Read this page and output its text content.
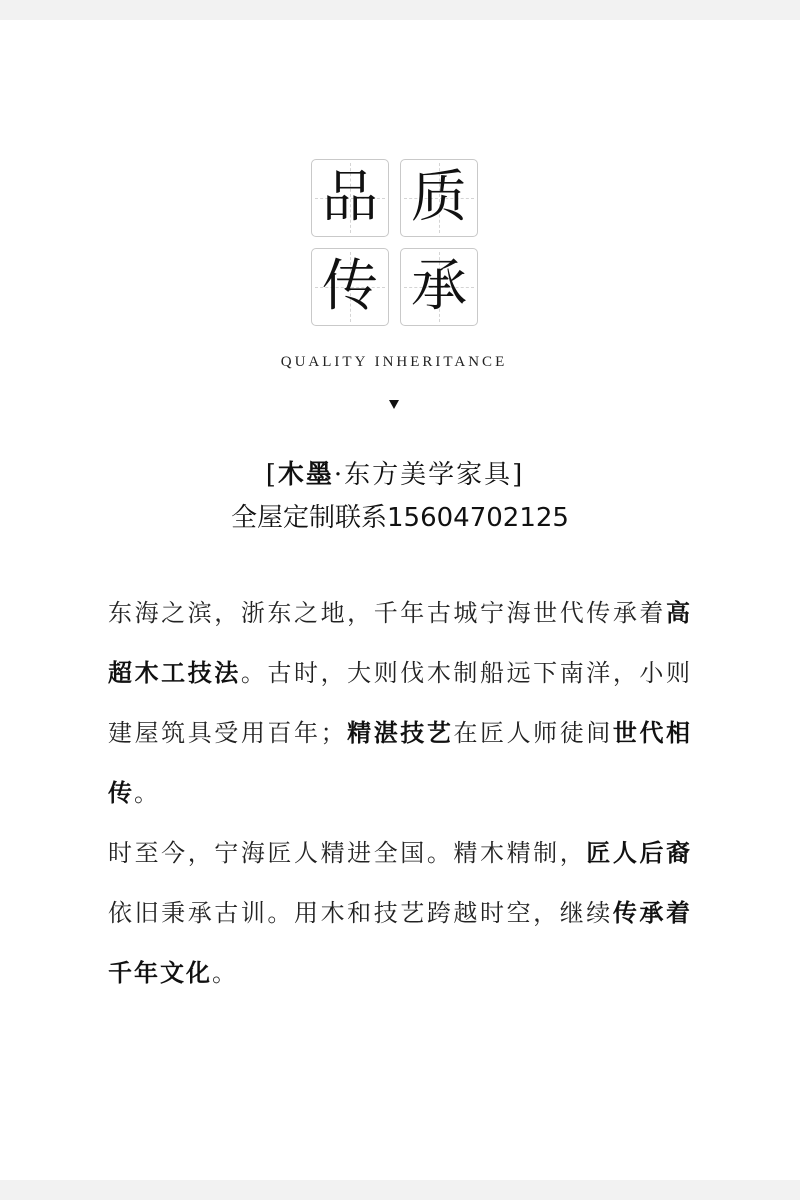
品 质
传 承
QUALITY INHERITANCE
[木墨·东方美学家具]
全屋定制联系15604702125

东海之滨，浙东之地，千年古城宁海世代传承着高超木工技法。古时，大则伐木制船远下南洋，小则建屋筑具受用百年；精湛技艺在匠人师徒间世代相传。

时至今，宁海匠人精进全国。精木精制，匠人后裔依旧秉承古训。用木和技艺跨越时空，继续传承着千年文化。
